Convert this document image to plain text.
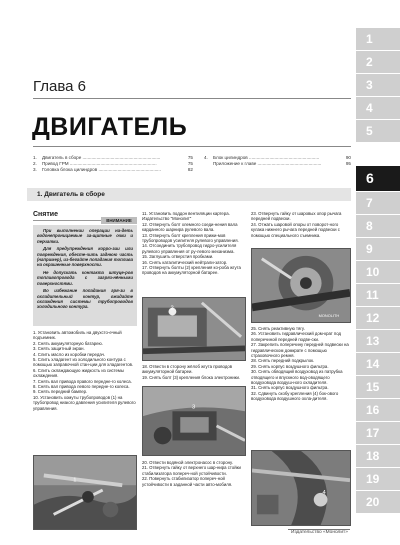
Глава 6
ДВИГАТЕЛЬ
1.	Двигатель в сборе .............................................................	75
2.	Привод ГРМ ....................................................................	75
3.	Головка блока цилиндров .................................................	82
4.	Блок цилиндров .......................................................	90
Приложение к главе ..................................................	95
1. Двигатель в сборе
Снятие
ВНИМАНИЕ

При выполнении операции на-деть водонепроницаемые за-щитные очки и перчатки.

Для предупреждения корро-зии или повреждения, обесте-чить заднюю часть (например), из-бегайте попадания топлива на окрашенные поверхности.

Не допускать контакта штуце-ров топливопровода с загряз-нёнными поверхностями.

Во избежание попадания гря-зи в охладительный контур, ожидайте охлаждения системы трубопроводов холодильного контура.

1. Установить автомобиль на двухсто-ечный подъемник.

2. Снять аккумуляторную батарею.

3. Снять защитный экран.

4. Слить масло из коробки передач.

5. Слить хладагент из холодильного контура с помощью заправочной стан-ции для хладагентов.

6. Слить охлаждающую жидкость из системы охлаждения.

7. Снять вал привода правого передне-го колеса.

8. Снять вал привода левого передне-го колеса.

9. Снять передний бампер.

10. Установить хомуты трубопроводов (1) на трубопровод низкого давления усилителя рулевого управления.

1

11. Установить поддон вентиляции картера. Издательство "Монолит"

12. Отвернуть болт хлемного соеди-нения вала карданного шарнира рулевого вала.

13. Отвернуть болт крепления прижи-мов трубопроводов усилителя рулевого управления.

14. Отсоединить трубопровод гидро-усилителя рулевого управления от ру-левого механизма.

15. Заглушить отверстия пробками.

16. Снять каталитический нейтрали-затор.

17. Отвернуть болты (2) крепления ко-роба жгута проводов на аккумуляторной батарее.

2

18. Отвести в сторону жёлоб жгута проводов аккумуляторной батареи.

19. Снять болт (3) крепления блока электроники.

3

20. Отвести водяной электронасос в сторону.

21. Отвернуть гайку от верхнего шар-нира стойки стабилизатора попереч-ной устойчивости.

22. Повернуть стабилизатор попереч-ной устойчивости в заданной части авто-мобиля.

23. Отвернуть гайку от шаровых опор рычага передней подвески.

24. Отжать шаровой опоры от поворот-ного кулака нижнего рычага передней подвески с помощью специального съемника.

MONOLITH

25. Снять реактивную тягу.

26. Установить гидравлический дом-крат под поперечиной передней подве-ски.

27. Закрепить поперечину передней подвески на гидравлическом домкрате с помощью страховочного ремня.

28. Снять передний подкрылок.

29. Снять корпус воздушного фильтра.

30. Снять обводящий воздуховод из патрубка отводящего и впускного вод-оводящего воздуховода воздуш-ного охладителя.

31. Снять корпус воздушного фильтра.

32. Сдвинуть скобу крепления (4) бок-ового воздуховода воздушного охла-дителя.

4
1
2
3
4
5
6
7
8
9
10
11
12
13
14
15
16
17
18
19
20
Издательство «Монолит»
